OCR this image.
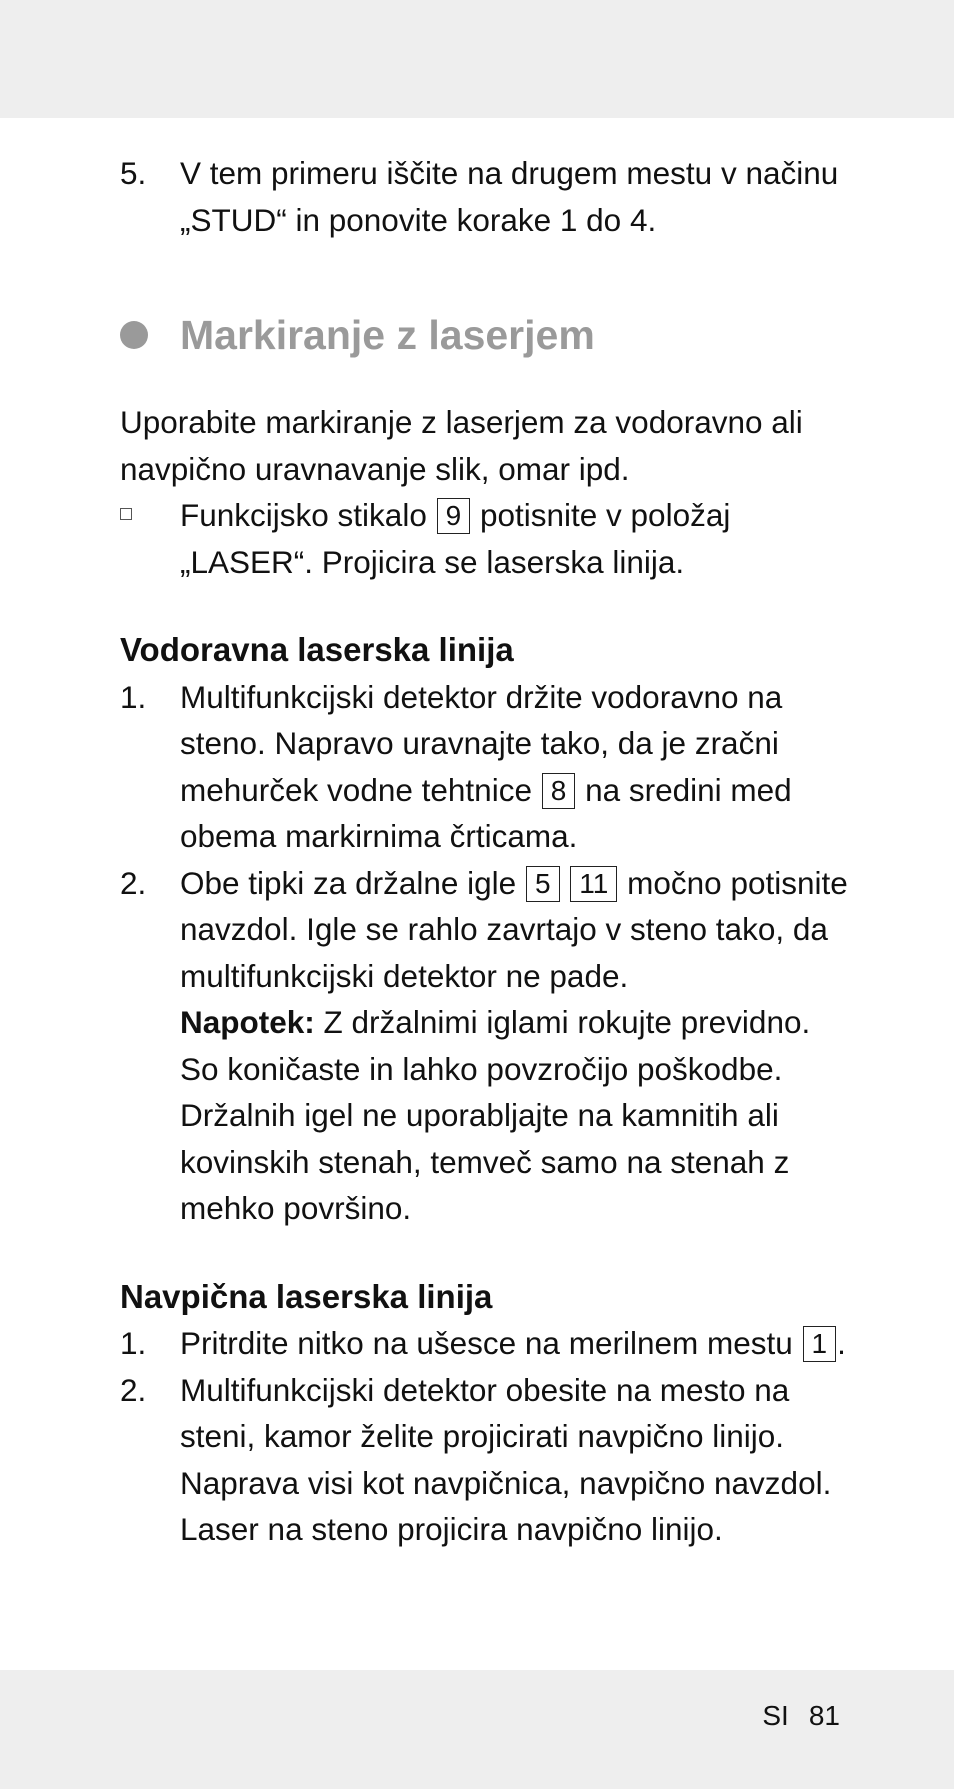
5. V tem primeru iščite na drugem mestu v načinu „STUD“ in ponovite korake 1 do 4.
Markiranje z laserjem
Uporabite markiranje z laserjem za vodoravno ali navpično uravnavanje slik, omar ipd.
Funkcijsko stikalo 9 potisnite v položaj „LASER“. Projicira se laserska linija.
Vodoravna laserska linija
1. Multifunkcijski detektor držite vodoravno na steno. Napravo uravnajte tako, da je zračni mehurček vodne tehtnice 8 na sredini med obema markirnima črticama.
2. Obe tipki za držalne igle 5 11 močno potisnite navzdol. Igle se rahlo zavrtajo v steno tako, da multifunkcijski detektor ne pade.
Napotek: Z držalnimi iglami rokujte previdno. So koničaste in lahko povzročijo poškodbe. Držalnih igel ne uporabljajte na kamnitih ali kovinskih stenah, temveč samo na stenah z mehko površino.
Navpična laserska linija
1. Pritrdite nitko na ušesce na merilnem mestu 1 .
2. Multifunkcijski detektor obesite na mesto na steni, kamor želite projicirati navpično linijo. Naprava visi kot navpičnica, navpično navzdol. Laser na steno projicira navpično linijo.
SI 81
